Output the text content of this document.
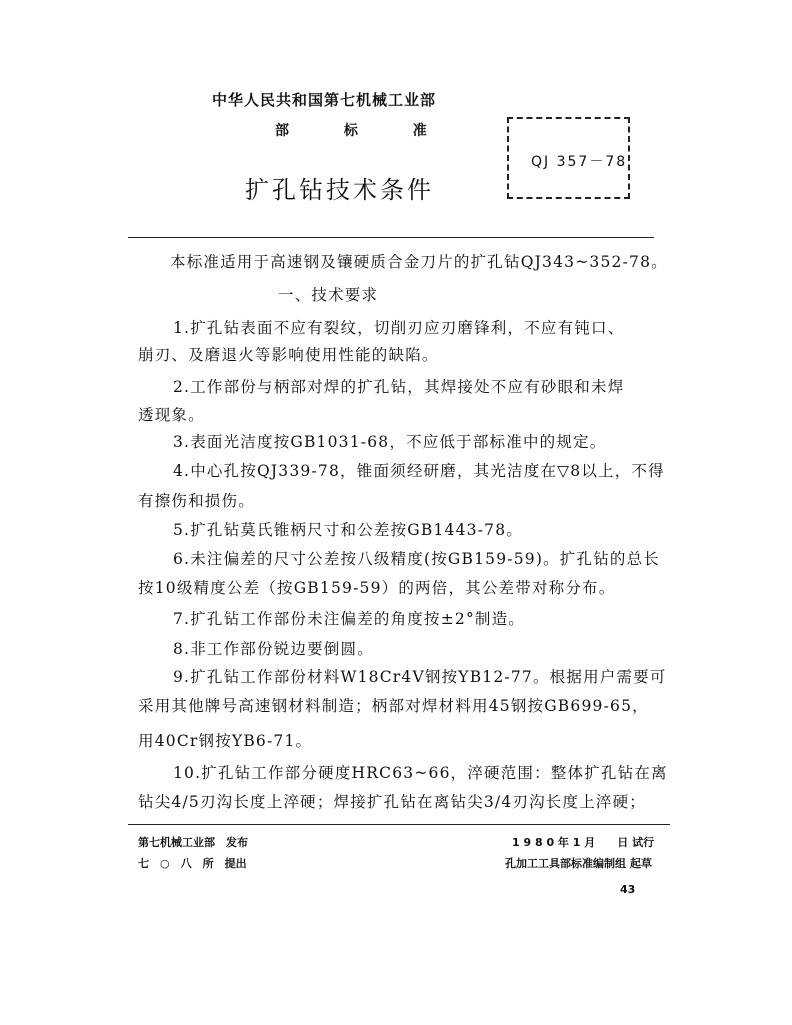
中华人民共和国第七机械工业部
部	标	准
扩孔钻技术条件
QJ 357－78
本标准适用于高速钢及镶硬质合金刀片的扩孔钻QJ343~352-78。
一、技术要求
1.扩孔钻表面不应有裂纹，切削刃应刃磨锋利，不应有钝口、
崩刃、及磨退火等影响使用性能的缺陷。
2.工作部份与柄部对焊的扩孔钻，其焊接处不应有砂眼和未焊
透现象。
3.表面光洁度按GB1031-68，不应低于部标准中的规定。
4.中心孔按QJ339-78，锥面须经研磨，其光洁度在▽8以上，不得
有擦伤和损伤。
5.扩孔钻莫氏锥柄尺寸和公差按GB1443-78。
6.未注偏差的尺寸公差按八级精度(按GB159-59)。扩孔钻的总长
按10级精度公差（按GB159-59）的两倍，其公差带对称分布。
7.扩孔钻工作部份未注偏差的角度按±2°制造。
8.非工作部份锐边要倒圆。
9.扩孔钻工作部份材料W18Cr4V钢按YB12-77。根据用户需要可
采用其他牌号高速钢材料制造；柄部对焊材料用45钢按GB699-65，
用40Cr钢按YB6-71。
10.扩孔钻工作部分硬度HRC63~66，淬硬范围：整体扩孔钻在离
钻尖4/5刃沟长度上淬硬；焊接扩孔钻在离钻尖3/4刃沟长度上淬硬；
第七机械工业部　发布
七　○　八　所　提出
1 9 8 0 年 1 月　　日 试行
孔加工工具部标准编制组 起草
43
